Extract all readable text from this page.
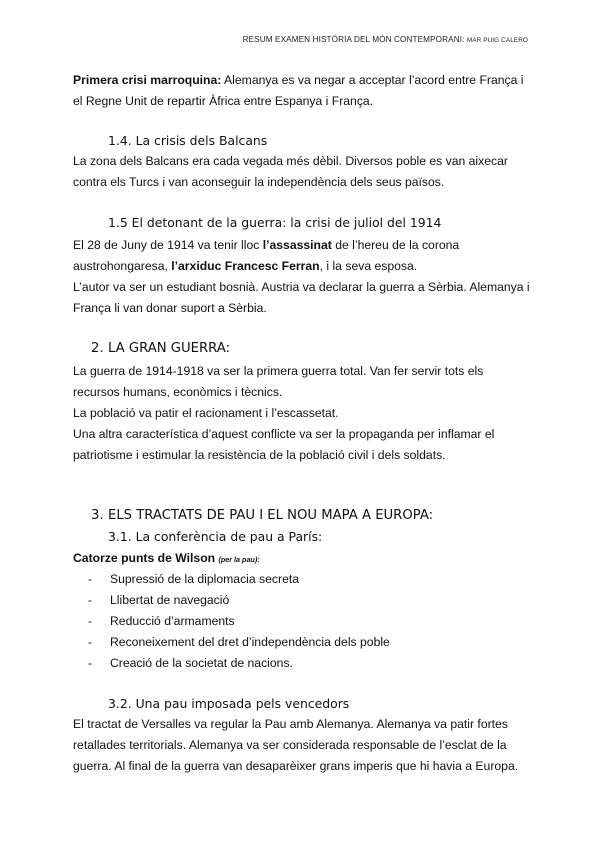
RESUM EXAMEN HISTÒRIA DEL MÓN CONTEMPORANI: MAR PUIG CALERO

Primera crisi marroquina: Alemanya es va negar a acceptar l’acord entre França i el Regne Unit de repartir Àfrica entre Espanya i França.

1.4. La crisis dels Balcans

La zona dels Balcans era cada vegada més dèbil. Diversos poble es van aixecar contra els Turcs i van aconseguir la independència dels seus països.

1.5 El detonant de la guerra: la crisi de juliol del 1914

El 28 de Juny de 1914 va tenir lloc l’assassinat de l’hereu de la corona austrohongaresa, l’arxiduc Francesc Ferran, i la seva esposa.

L’autor va ser un estudiant bosnià. Austria va declarar la guerra a Sèrbia. Alemanya i França li van donar suport a Sèrbia.

2. LA GRAN GUERRA:

La guerra de 1914-1918 va ser la primera guerra total. Van fer servir tots els recursos humans, econòmics i tècnics.

La població va patir el racionament i l’escassetat.

Una altra característica d’aquest conflicte va ser la propaganda per inflamar el patriotisme i estimular la resistència de la població civil i dels soldats.

3. ELS TRACTATS DE PAU I EL NOU MAPA A EUROPA:
3.1. La conferència de pau a París:

Catorze punts de Wilson (per la pau):

- Supressió de la diplomacia secreta
- Llibertat de navegació
- Reducció d’armaments
- Reconeixement del dret d’independència dels poble
- Creació de la societat de nacions.
3.2. Una pau imposada pels vencedors

El tractat de Versalles va regular la Pau amb Alemanya. Alemanya va patir fortes retallades territorials. Alemanya va ser considerada responsable de l’esclat de la guerra. Al final de la guerra van desaparèixer grans imperis que hi havia a Europa.
